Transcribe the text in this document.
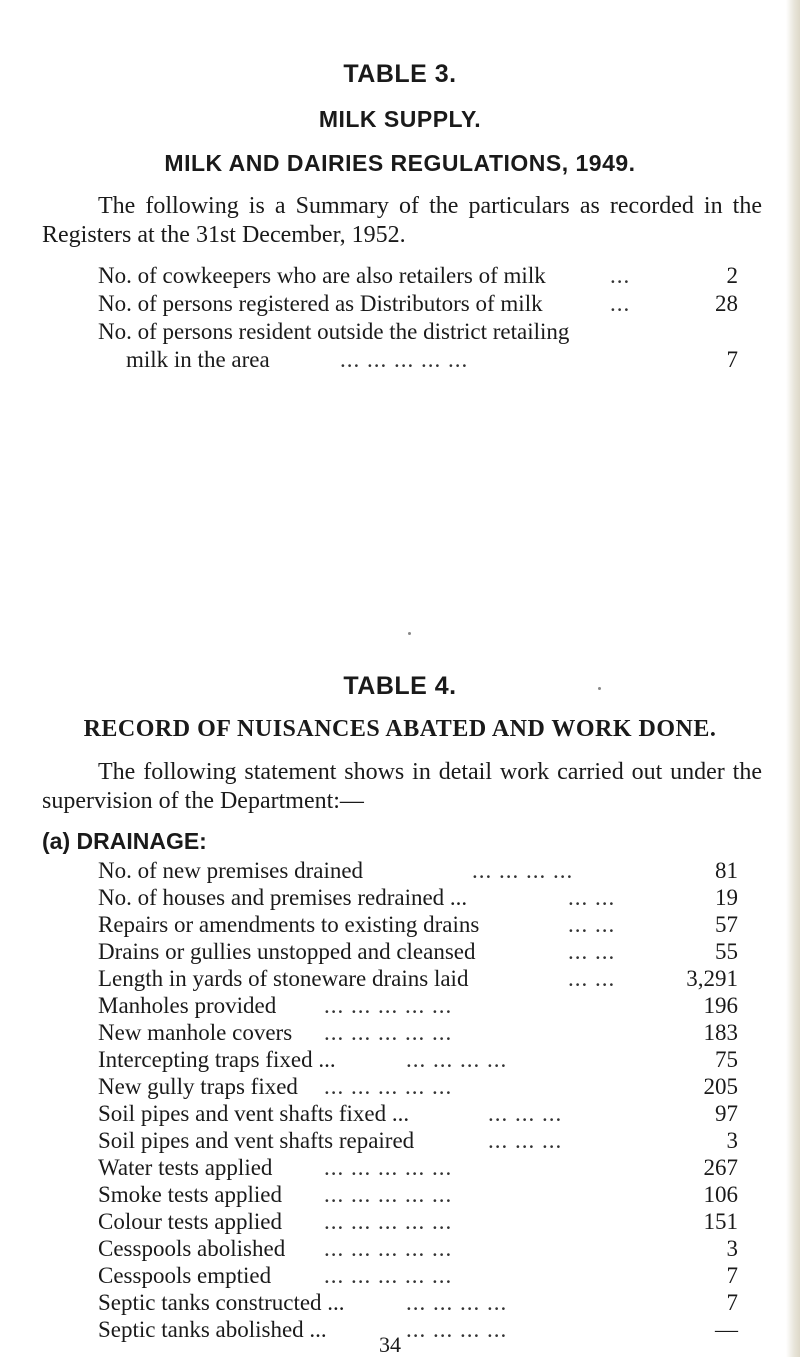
TABLE 3.
MILK SUPPLY.
MILK AND DAIRIES REGULATIONS, 1949.
The following is a Summary of the particulars as recorded in the Registers at the 31st December, 1952.
No. of cowkeepers who are also retailers of milk	...	2
No. of persons registered as Distributors of milk	...	28
No. of persons resident outside the district retailing
milk in the area	... ... ... ... ...	7
TABLE 4.
RECORD OF NUISANCES ABATED AND WORK DONE.
The following statement shows in detail work carried out under the supervision of the Department:—
(a) DRAINAGE:
No. of new premises drained	... ... ... ...	81
No. of houses and premises redrained ...	... ...	19
Repairs or amendments to existing drains	... ...	57
Drains or gullies unstopped and cleansed	... ...	55
Length in yards of stoneware drains laid	... ...	3,291
Manholes provided ... ... ... ... ...	196
New manhole covers ... ... ... ... ...	183
Intercepting traps fixed ...	... ... ... ...	75
New gully traps fixed ... ... ... ... ...	205
Soil pipes and vent shafts fixed ...	... ... ...	97
Soil pipes and vent shafts repaired	... ... ...	3
Water tests applied ... ... ... ... ...	267
Smoke tests applied ... ... ... ... ...	106
Colour tests applied ... ... ... ... ...	151
Cesspools abolished ... ... ... ... ...	3
Cesspools emptied ... ... ... ... ...	7
Septic tanks constructed ...	... ... ... ...	7
Septic tanks abolished ...	... ... ... ...	—
34
